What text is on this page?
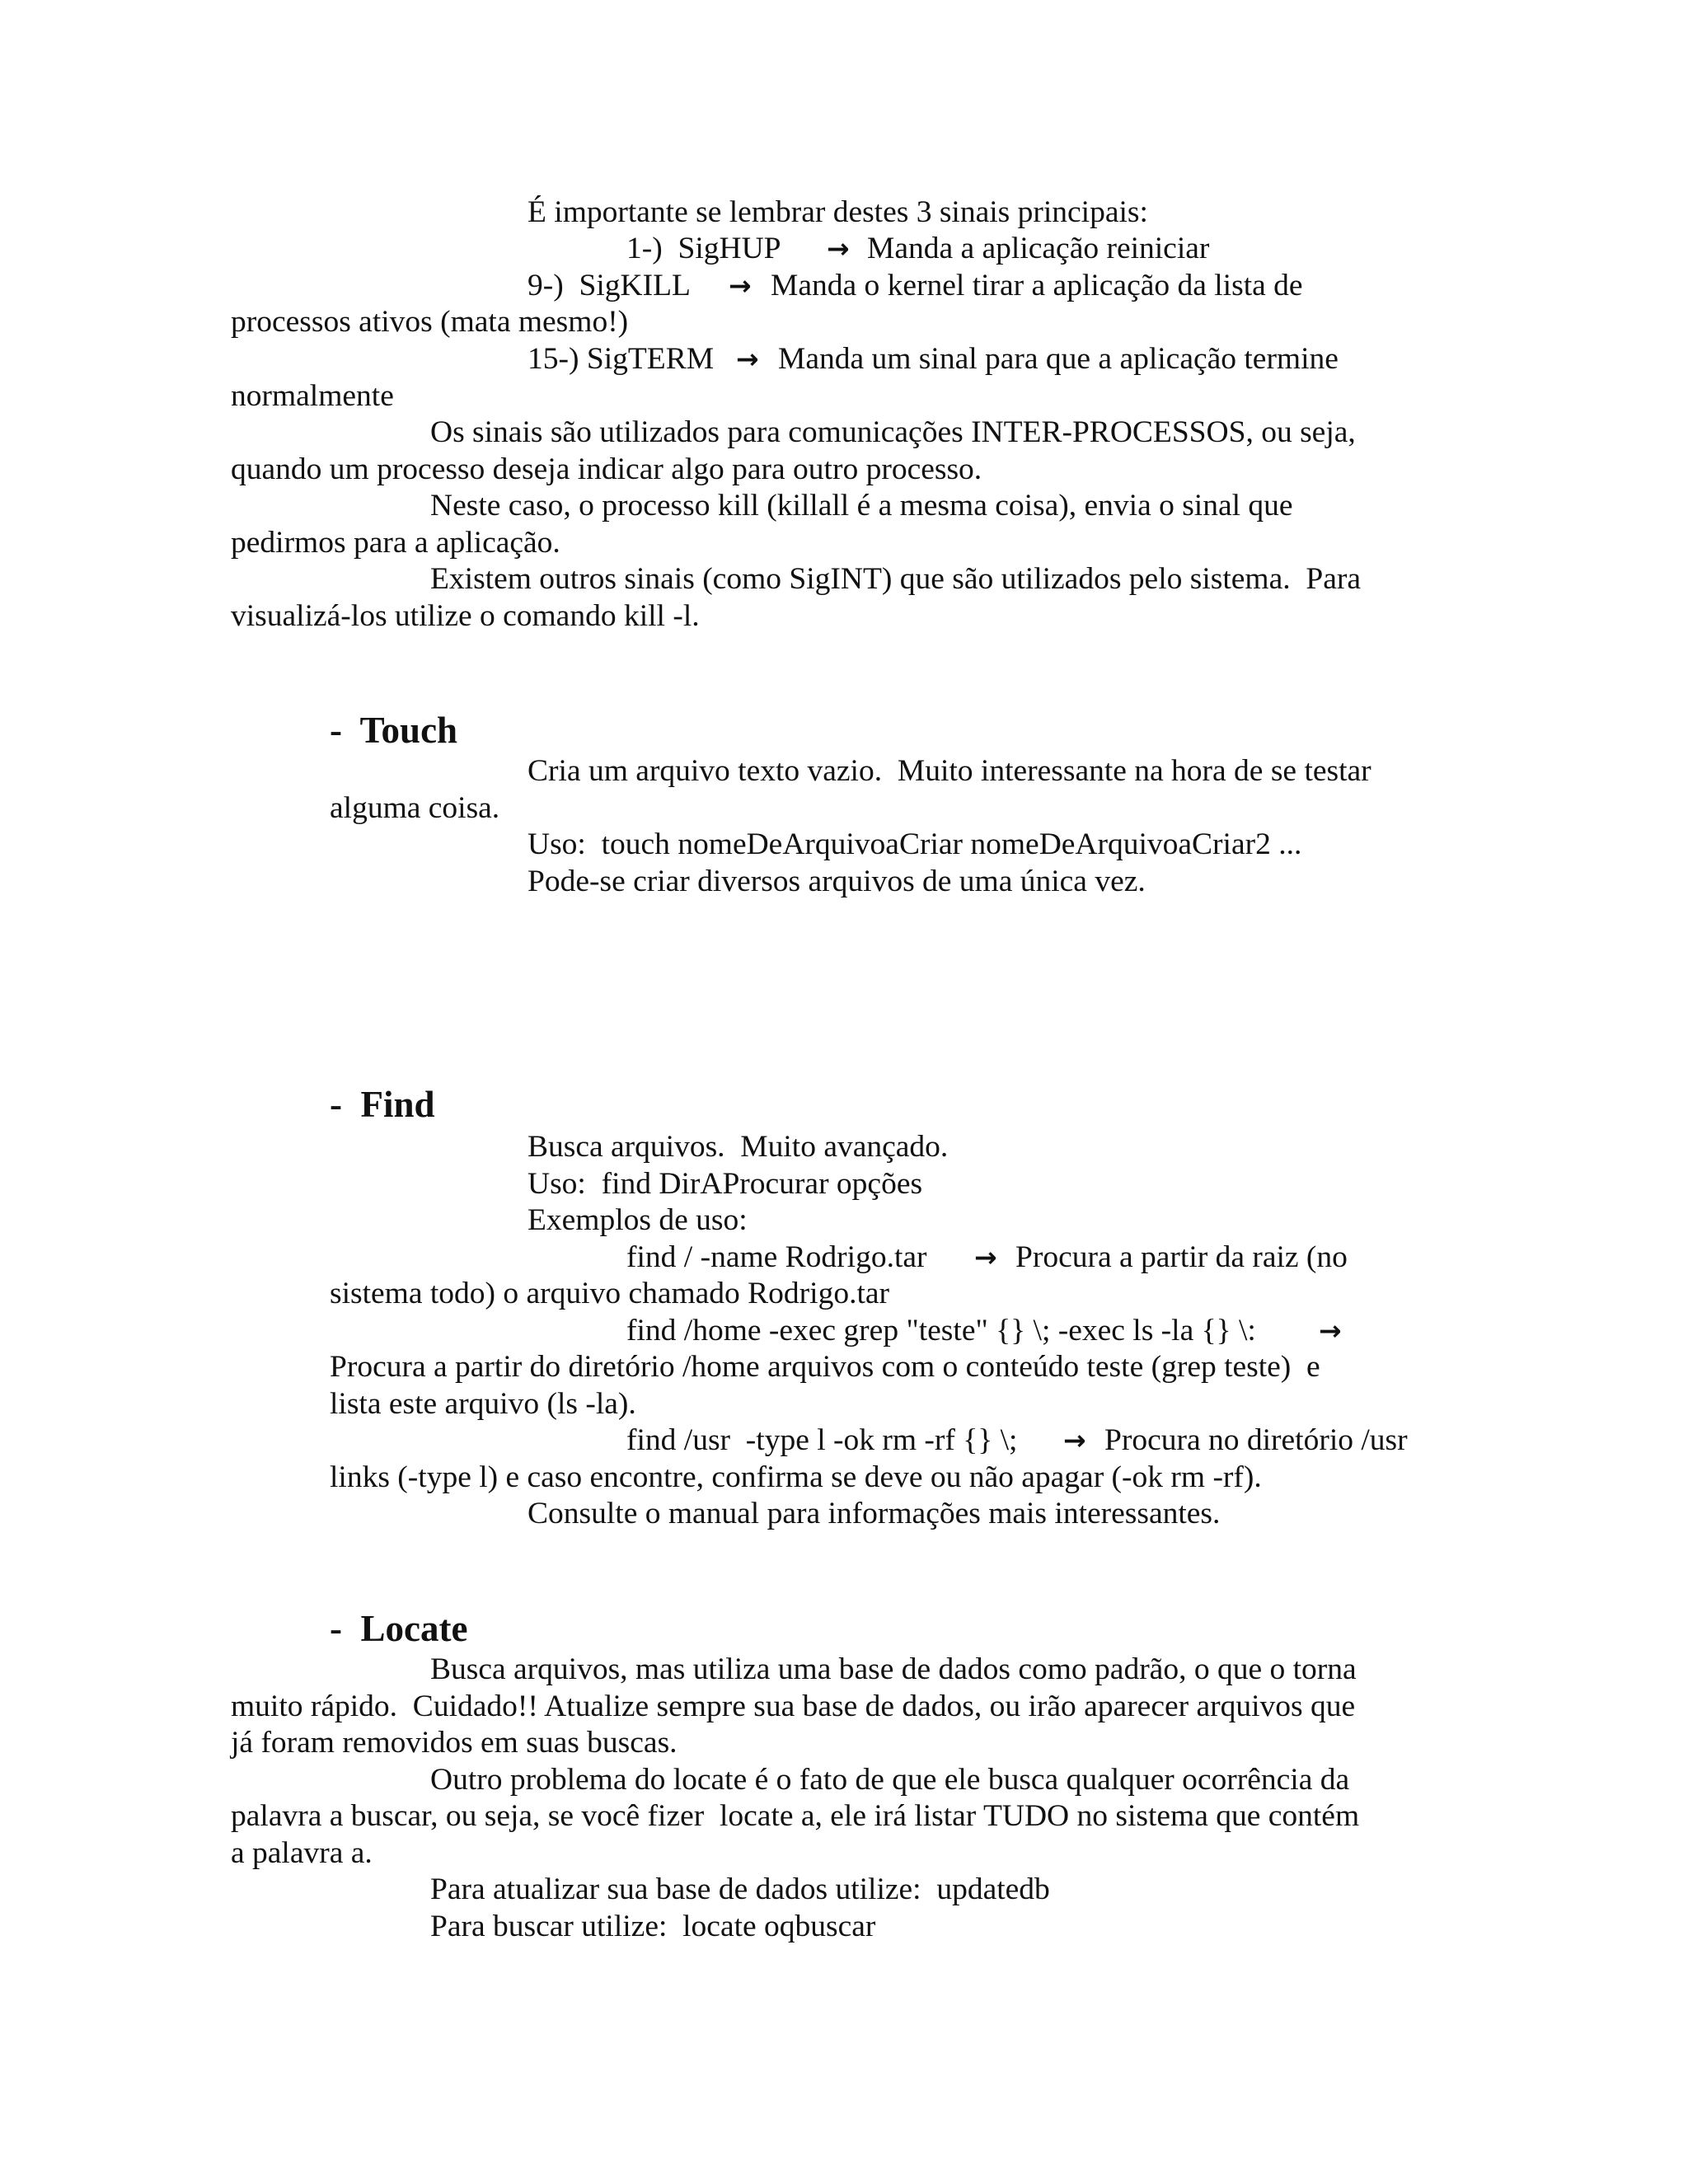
É importante se lembrar destes 3 sinais principais:
1-)  SigHUP → Manda a aplicação reiniciar
9-)  SigKILL → Manda o kernel tirar a aplicação da lista de
processos ativos (mata mesmo!)
15-) SigTERM → Manda um sinal para que a aplicação termine
normalmente
Os sinais são utilizados para comunicações INTER-PROCESSOS, ou seja,
quando um processo deseja indicar algo para outro processo.
Neste caso, o processo kill (killall é a mesma coisa), envia o sinal que
pedirmos para a aplicação.
Existem outros sinais (como SigINT) que são utilizados pelo sistema.  Para
visualizá-los utilize o comando kill -l.
-  Touch
Cria um arquivo texto vazio.  Muito interessante na hora de se testar
alguma coisa.
Uso:  touch nomeDeArquivoaCriar nomeDeArquivoaCriar2 ...
Pode-se criar diversos arquivos de uma única vez.
-  Find
Busca arquivos.  Muito avançado.
Uso:  find DirAProcurar opções
Exemplos de uso:
find / -name Rodrigo.tar → Procura a partir da raiz (no
sistema todo) o arquivo chamado Rodrigo.tar
find /home -exec grep "teste" {} \; -exec ls -la {} \: →
Procura a partir do diretório /home arquivos com o conteúdo teste (grep teste)  e
lista este arquivo (ls -la).
find /usr  -type l -ok rm -rf {} \; → Procura no diretório /usr
links (-type l) e caso encontre, confirma se deve ou não apagar (-ok rm -rf).
Consulte o manual para informações mais interessantes.
-  Locate
Busca arquivos, mas utiliza uma base de dados como padrão, o que o torna
muito rápido.  Cuidado!! Atualize sempre sua base de dados, ou irão aparecer arquivos que
já foram removidos em suas buscas.
Outro problema do locate é o fato de que ele busca qualquer ocorrência da
palavra a buscar, ou seja, se você fizer  locate a, ele irá listar TUDO no sistema que contém
a palavra a.
Para atualizar sua base de dados utilize:  updatedb
Para buscar utilize:  locate oqbuscar
